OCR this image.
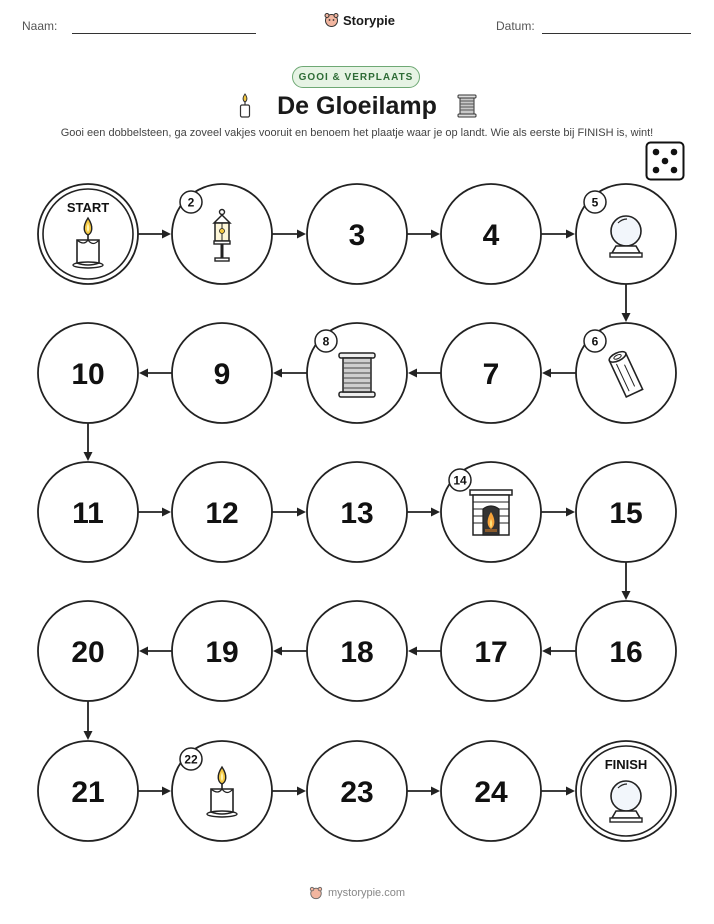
Naam:	Storypie	Datum:
GOOI & VERPLAATS
De Gloeilamp
Gooi een dobbelsteen, ga zoveel vakjes vooruit en benoem het plaatje waar je op landt. Wie als eerste bij FINISH is, wint!
START	2
3	4
5
6
7
8
9
10
11	12	13
14
15
16
17
18
19
20
21
22
23	24
FINISH
mystorypie.com
